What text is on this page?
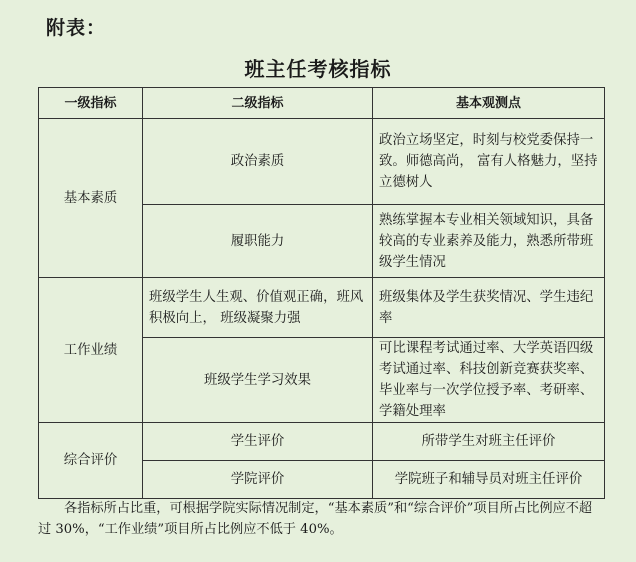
附表：
班主任考核指标
一级指标	二级指标	基本观测点
基本素质	政治素质	政治立场坚定，时刻与校党委保持一致。师德高尚， 富有人格魅力，坚持立德树人
	履职能力	熟练掌握本专业相关领域知识，具备较高的专业素养及能力，熟悉所带班级学生情况
工作业绩	班级学生人生观、价值观正确，班风积极向上， 班级凝聚力强	班级集体及学生获奖情况、学生违纪率
	班级学生学习效果	可比课程考试通过率、大学英语四级考试通过率、科技创新竞赛获奖率、毕业率与一次学位授予率、考研率、学籍处理率
综合评价	学生评价	所带学生对班主任评价
	学院评价	学院班子和辅导员对班主任评价
各指标所占比重，可根据学院实际情况制定，“基本素质”和“综合评价”项目所占比例应不超过 30%，“工作业绩”项目所占比例应不低于 40%。
